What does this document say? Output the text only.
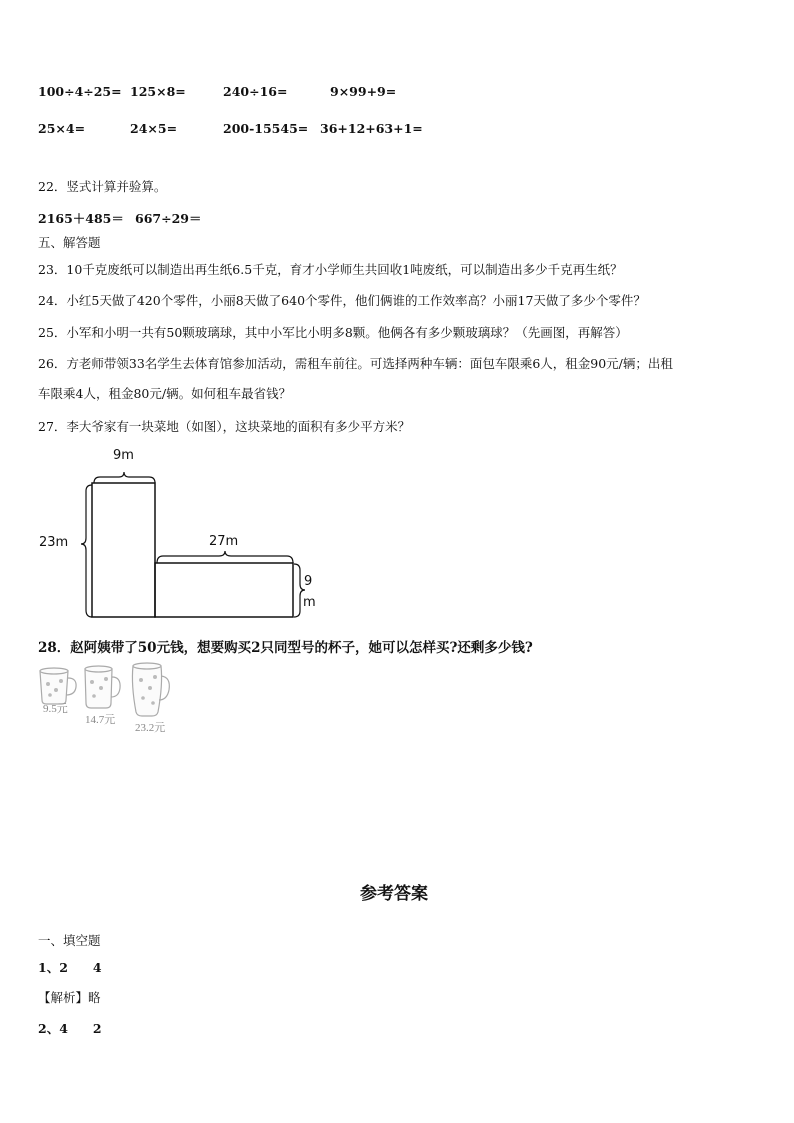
100÷4÷25= 125×8=	240÷16=	9×99+9=
25×4=	24×5=	200-15545= 36+12+63+1=
22．竖式计算并验算。
2165＋485＝ 667÷29＝
五、解答题
23．10千克废纸可以制造出再生纸6.5千克，育才小学师生共回收1吨废纸，可以制造出多少千克再生纸？
24．小红5天做了420个零件，小丽8天做了640个零件，他们俩谁的工作效率高？小丽17天做了多少个零件？
25．小军和小明一共有50颗玻璃球，其中小军比小明多8颗。他俩各有多少颗玻璃球？（先画图，再解答）
26．方老师带领33名学生去体育馆参加活动，需租车前往。可选择两种车辆：面包车限乘6人，租金90元/辆；出租
车限乘4人，租金80元/辆。如何租车最省钱？
27．李大爷家有一块菜地（如图），这块菜地的面积有多少平方米？
9m
23m	27m
9
m
28．赵阿姨带了50元钱，想要购买2只同型号的杯子，她可以怎样买?还剩多少钱?
9.5元
14.7元
23.2元
参考答案
一、填空题
1、2　　4
【解析】略
2、4　　2
